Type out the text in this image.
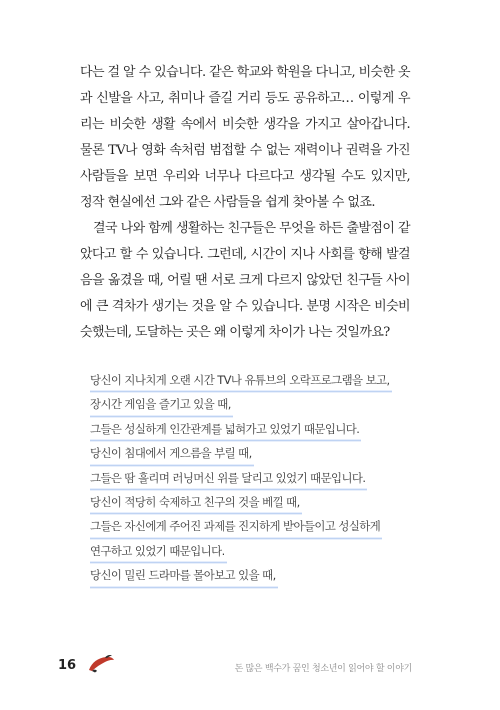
다는 걸 알 수 있습니다. 같은 학교와 학원을 다니고, 비슷한 옷과 신발을 사고, 취미나 즐길 거리 등도 공유하고… 이렇게 우리는 비슷한 생활 속에서 비슷한 생각을 가지고 살아갑니다. 물론 TV나 영화 속처럼 범접할 수 없는 재력이나 권력을 가진 사람들을 보면 우리와 너무나 다르다고 생각될 수도 있지만, 정작 현실에선 그와 같은 사람들을 쉽게 찾아볼 수 없죠.

결국 나와 함께 생활하는 친구들은 무엇을 하든 출발점이 같았다고 할 수 있습니다. 그런데, 시간이 지나 사회를 향해 발걸음을 옮겼을 때, 어릴 땐 서로 크게 다르지 않았던 친구들 사이에 큰 격차가 생기는 것을 알 수 있습니다. 분명 시작은 비슷비슷했는데, 도달하는 곳은 왜 이렇게 차이가 나는 것일까요?

당신이 지나치게 오랜 시간 TV나 유튜브의 오락프로그램을 보고,
장시간 게임을 즐기고 있을 때,
그들은 성실하게 인간관계를 넓혀가고 있었기 때문입니다.
당신이 침대에서 게으름을 부릴 때,
그들은 땀 흘리며 러닝머신 위를 달리고 있었기 때문입니다.
당신이 적당히 숙제하고 친구의 것을 베낄 때,
그들은 자신에게 주어진 과제를 진지하게 받아들이고 성실하게
연구하고 있었기 때문입니다.
당신이 밀린 드라마를 몰아보고 있을 때,
16	돈 많은 백수가 꿈인 청소년이 읽어야 할 이야기
